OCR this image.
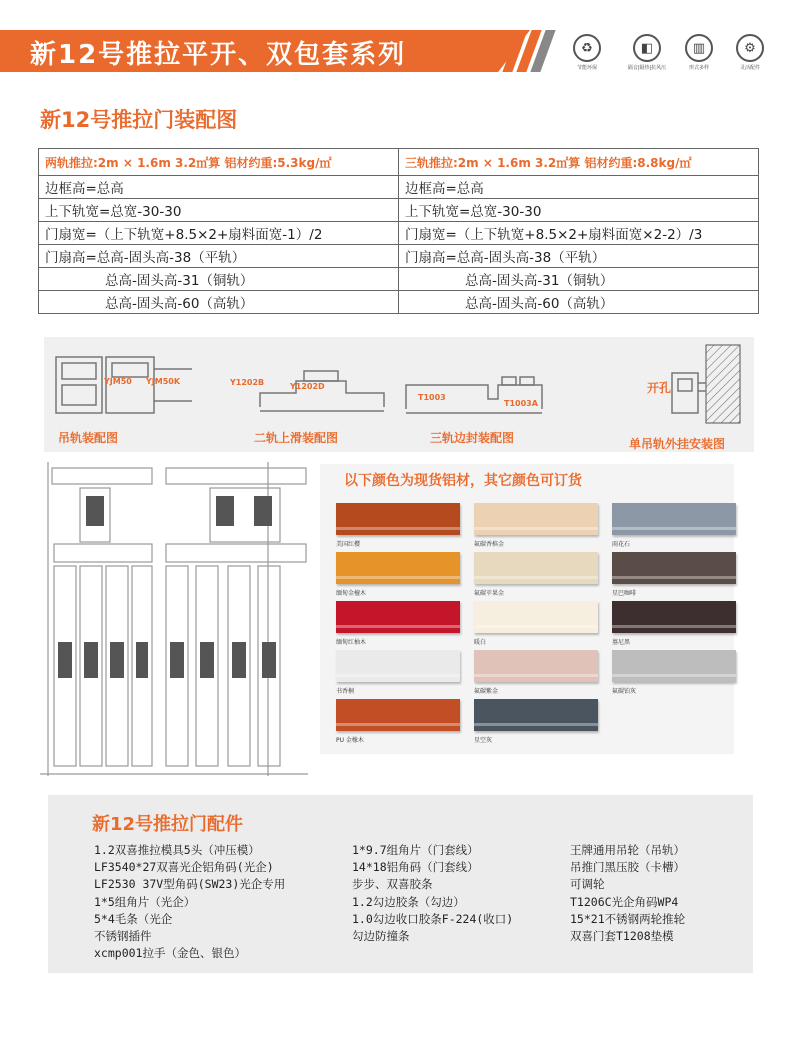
新12号推拉平开、双包套系列	♻
节能环保
◧
隔音|隔热|抗风压
▥
形式多样
⚙
灵活配件
新12号推拉门装配图
两轨推拉:2m × 1.6m 3.2㎡算 铝材约重:5.3kg/㎡	三轨推拉:2m × 1.6m 3.2㎡算 铝材约重:8.8kg/㎡
边框高=总高	边框高=总高
上下轨宽=总宽-30-30	上下轨宽=总宽-30-30
门扇宽=（上下轨宽+8.5×2+扇料面宽-1）/2	门扇宽=（上下轨宽+8.5×2+扇料面宽×2-2）/3
门扇高=总高-固头高-38（平轨）	门扇高=总高-固头高-38（平轨）
总高-固头高-31（铜轨）	总高-固头高-31（铜轨）
总高-固头高-60（高轨）	总高-固头高-60（高轨）
YJM50 YJM50K
吊轨装配图
Y1202B	Y1202D
二轨上滑装配图
T1003
T1003A
三轨边封装配图
开孔
单吊轨外挂安装图
以下颜色为现货铝材，其它颜色可订货
美国红樱	氟碳香槟金	雨花石
缅甸金檀木	氟碳苹果金	星巴咖啡
缅甸红柚木	暖白	墓尼黑
书香桐	氟碳紫金	氟碳铂灰
PU 金橡木	星空灰
新12号推拉门配件
1.2双喜推拉模具5头（冲压模）
LF3540*27双喜光企铝角码(光企)
LF2530 37V型角码(SW23)光企专用
1*5组角片（光企）
5*4毛条（光企
不锈钢插件
xcmp001拉手（金色、银色）
1*9.7组角片（门套线）
14*18铝角码（门套线）
步步、双喜胶条
1.2勾边胶条（勾边）
1.0勾边收口胶条F-224(收口)
勾边防撞条
王牌通用吊轮（吊轨）
吊推门黑压胶（卡槽）
可调轮
T1206C光企角码WP4
15*21不锈钢两轮推轮
双喜门套T1208垫模
